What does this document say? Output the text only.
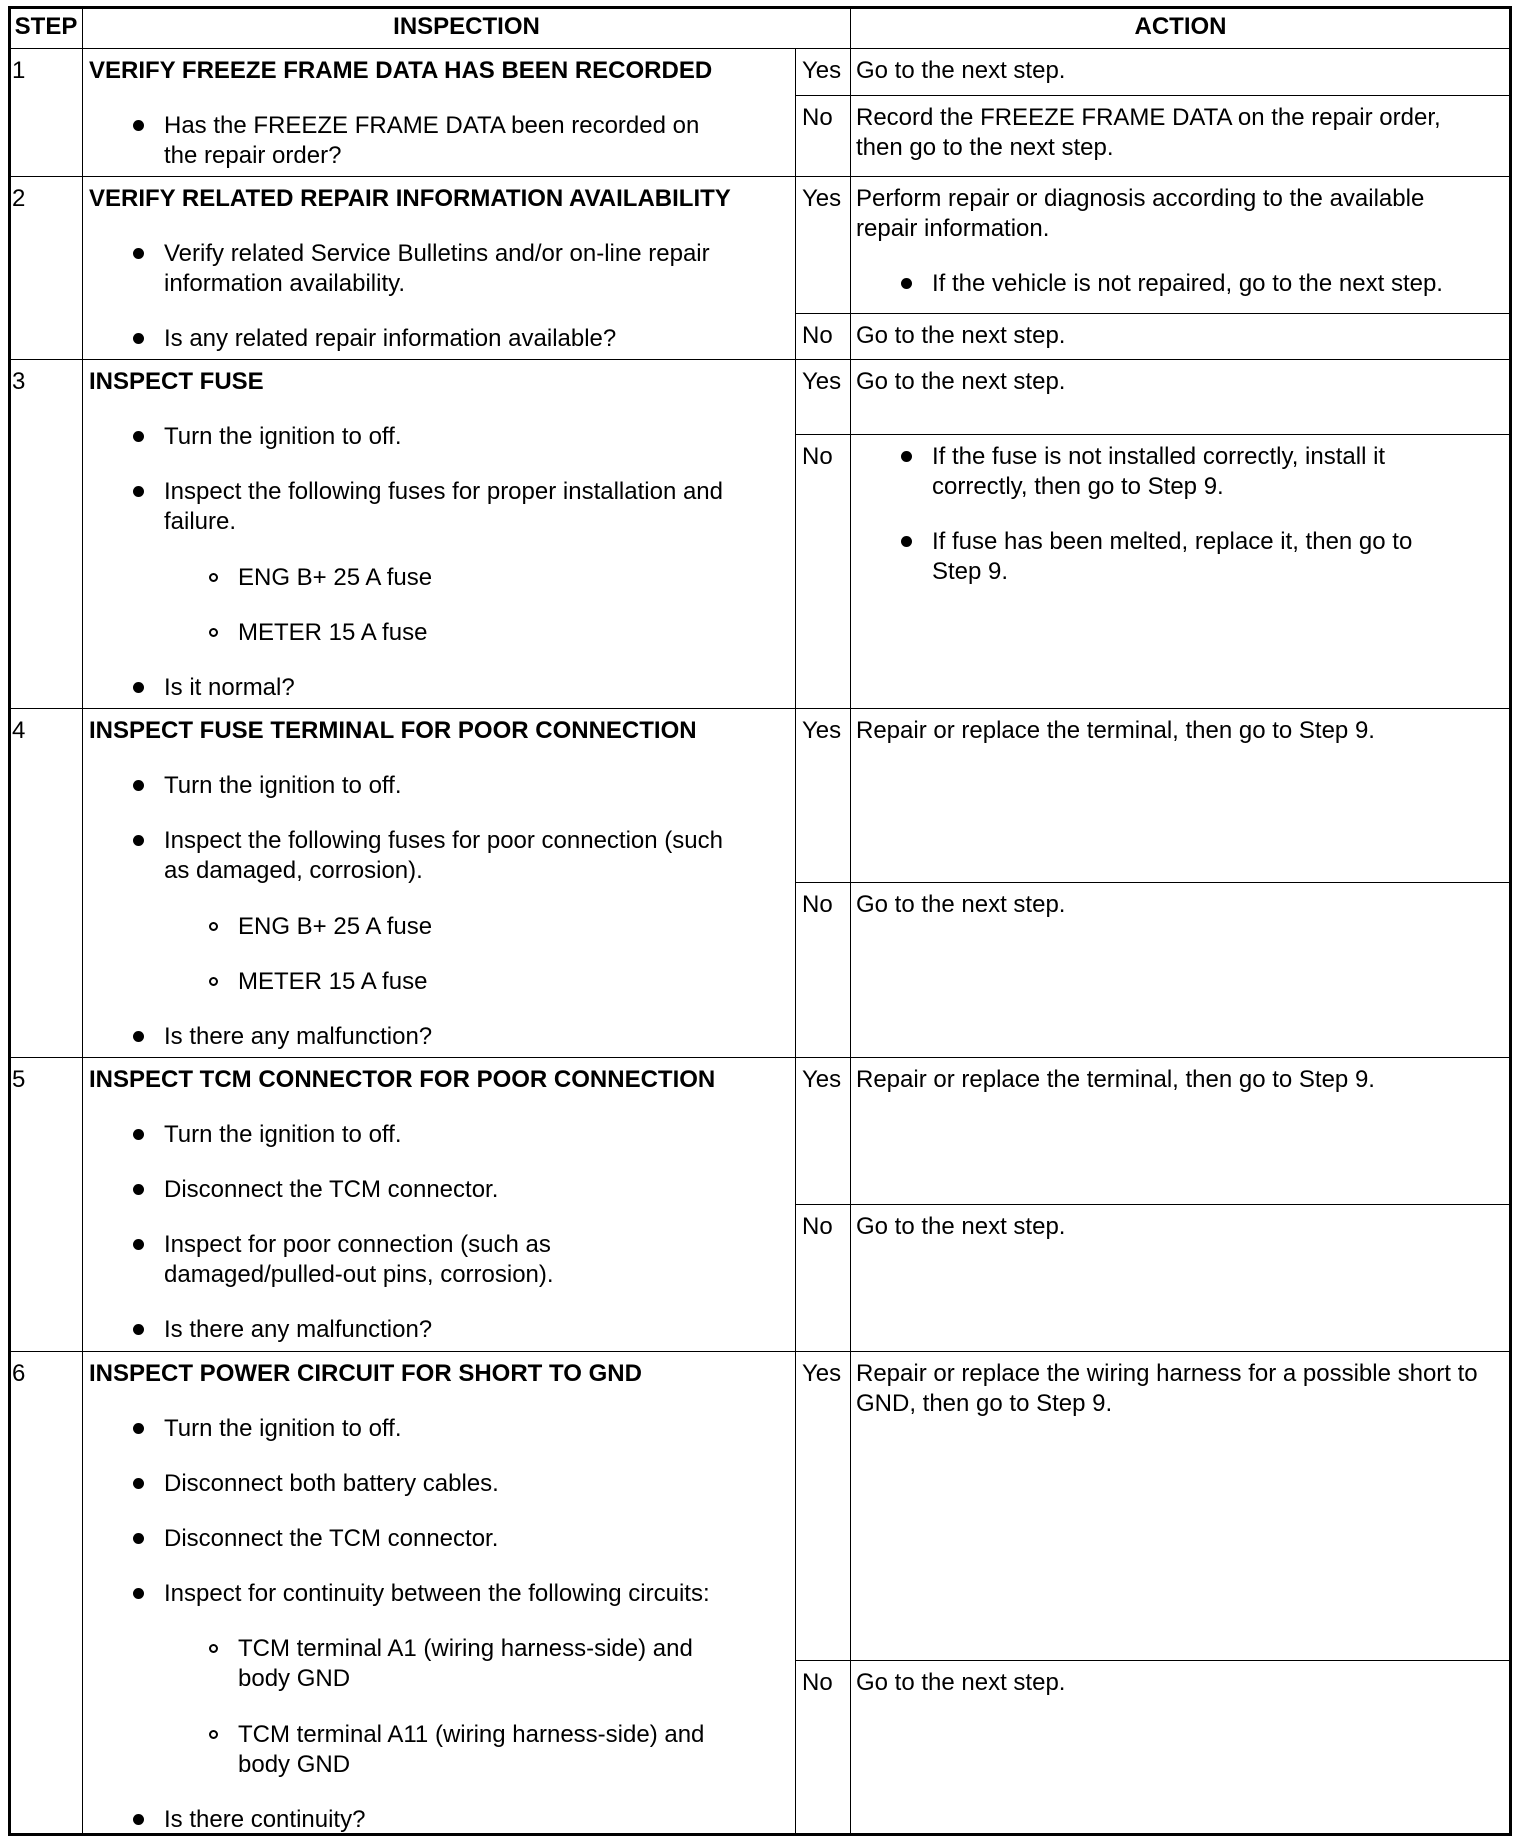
STEP	INSPECTION	ACTION
1	VERIFY FREEZE FRAME DATA HAS BEEN RECORDED
Has the FREEZE FRAME DATA been recorded on
the repair order?
Yes Go to the next step.
No Record the FREEZE FRAME DATA on the repair order,
then go to the next step.
2	VERIFY RELATED REPAIR INFORMATION AVAILABILITY
Verify related Service Bulletins and/or on-line repair
information availability.
Is any related repair information available?
Yes Perform repair or diagnosis according to the available
repair information.
If the vehicle is not repaired, go to the next step.
No Go to the next step.
3	INSPECT FUSE
Turn the ignition to off.
Inspect the following fuses for proper installation and
failure.
ENG B+ 25 A fuse
METER 15 A fuse
Is it normal?
Yes Go to the next step.
No	If the fuse is not installed correctly, install it
correctly, then go to Step 9.
If fuse has been melted, replace it, then go to
Step 9.
4	INSPECT FUSE TERMINAL FOR POOR CONNECTION
Turn the ignition to off.
Inspect the following fuses for poor connection (such
as damaged, corrosion).
ENG B+ 25 A fuse
METER 15 A fuse
Is there any malfunction?
Yes Repair or replace the terminal, then go to Step 9.
No Go to the next step.
5	INSPECT TCM CONNECTOR FOR POOR CONNECTION
Turn the ignition to off.
Disconnect the TCM connector.
Inspect for poor connection (such as
damaged/pulled-out pins, corrosion).
Is there any malfunction?
Yes Repair or replace the terminal, then go to Step 9.
No Go to the next step.
6	INSPECT POWER CIRCUIT FOR SHORT TO GND
Turn the ignition to off.
Disconnect both battery cables.
Disconnect the TCM connector.
Inspect for continuity between the following circuits:
TCM terminal A1 (wiring harness-side) and
body GND
TCM terminal A11 (wiring harness-side) and
body GND
Is there continuity?
Yes Repair or replace the wiring harness for a possible short to
GND, then go to Step 9.
No Go to the next step.
